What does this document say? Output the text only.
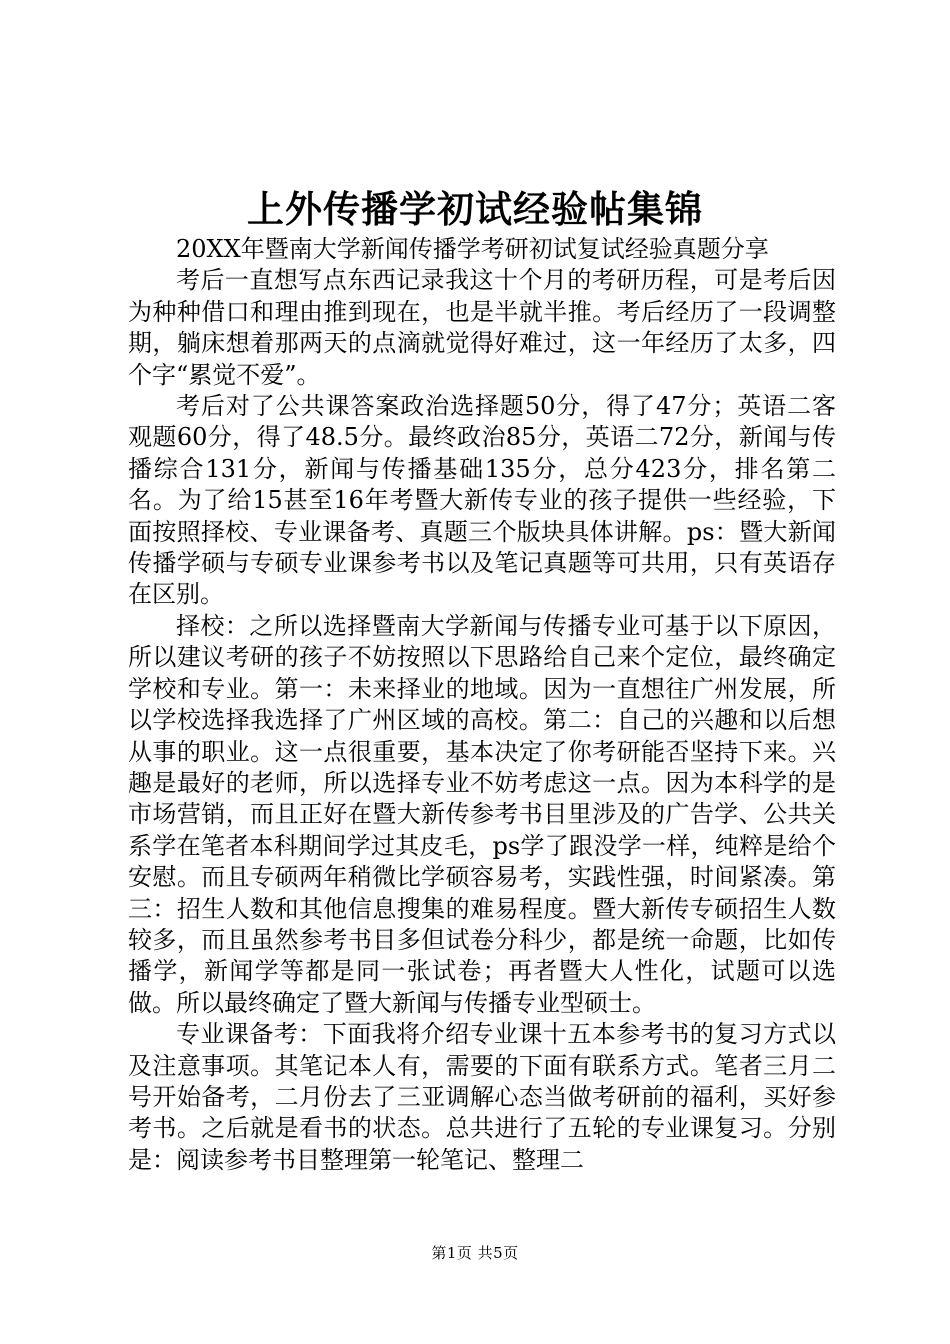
上外传播学初试经验帖集锦

20XX年暨南大学新闻传播学考研初试复试经验真题分享

考后一直想写点东西记录我这十个月的考研历程，可是考后因为种种借口和理由推到现在，也是半就半推。考后经历了一段调整期，躺床想着那两天的点滴就觉得好难过，这一年经历了太多，四个字“累觉不爱”。

考后对了公共课答案政治选择题50分，得了47分；英语二客观题60分，得了48.5分。最终政治85分，英语二72分，新闻与传播综合131分，新闻与传播基础135分，总分423分，排名第二名。为了给15甚至16年考暨大新传专业的孩子提供一些经验，下面按照择校、专业课备考、真题三个版块具体讲解。ps：暨大新闻传播学硕与专硕专业课参考书以及笔记真题等可共用，只有英语存在区别。

择校：之所以选择暨南大学新闻与传播专业可基于以下原因，所以建议考研的孩子不妨按照以下思路给自己来个定位，最终确定学校和专业。第一：未来择业的地域。因为一直想往广州发展，所以学校选择我选择了广州区域的高校。第二：自己的兴趣和以后想从事的职业。这一点很重要，基本决定了你考研能否坚持下来。兴趣是最好的老师，所以选择专业不妨考虑这一点。因为本科学的是市场营销，而且正好在暨大新传参考书目里涉及的广告学、公共关系学在笔者本科期间学过其皮毛，ps学了跟没学一样，纯粹是给个安慰。而且专硕两年稍微比学硕容易考，实践性强，时间紧凑。第三：招生人数和其他信息搜集的难易程度。暨大新传专硕招生人数较多，而且虽然参考书目多但试卷分科少，都是统一命题，比如传播学，新闻学等都是同一张试卷；再者暨大人性化，试题可以选做。所以最终确定了暨大新闻与传播专业型硕士。

专业课备考：下面我将介绍专业课十五本参考书的复习方式以及注意事项。其笔记本人有，需要的下面有联系方式。笔者三月二号开始备考，二月份去了三亚调解心态当做考研前的福利，买好参考书。之后就是看书的状态。总共进行了五轮的专业课复习。分别是：阅读参考书目整理第一轮笔记、整理二

第1页 共5页
